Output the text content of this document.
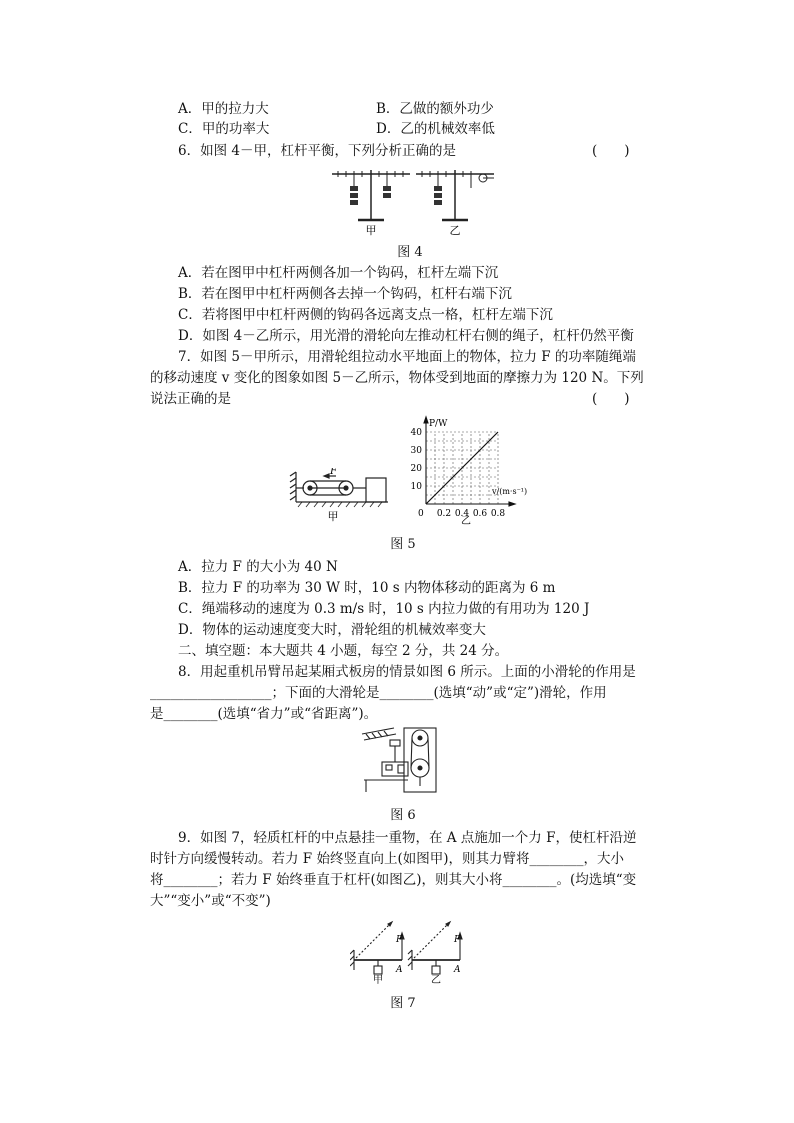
A．甲的拉力大	B．乙做的额外功少
C．甲的功率大	D．乙的机械效率低
6．如图 4－甲，杠杆平衡，下列分析正确的是	(　　)
甲	乙
图 4
A．若在图甲中杠杆两侧各加一个钩码，杠杆左端下沉
B．若在图甲中杠杆两侧各去掉一个钩码，杠杆右端下沉
C．若将图甲中杠杆两侧的钩码各远离支点一格，杠杆左端下沉
D．如图 4－乙所示，用光滑的滑轮向左推动杠杆右侧的绳子，杠杆仍然平衡
7．如图 5－甲所示，用滑轮组拉动水平地面上的物体，拉力 F 的功率随绳端
的移动速度 v 变化的图象如图 5－乙所示，物体受到地面的摩擦力为 120 N。下列
说法正确的是	(　　)
F
甲	0.2 0.4 0.6 0.8
10
20
30
40
P/W
v/(m·s⁻¹)
0
乙
图 5
A．拉力 F 的大小为 40 N
B．拉力 F 的功率为 30 W 时，10 s 内物体移动的距离为 6 m
C．绳端移动的速度为 0.3 m/s 时，10 s 内拉力做的有用功为 120 J
D．物体的运动速度变大时，滑轮组的机械效率变大
二、填空题：本大题共 4 小题，每空 2 分，共 24 分。
8．用起重机吊臂吊起某厢式板房的情景如图 6 所示。上面的小滑轮的作用是
__________________；下面的大滑轮是________(选填“动”或“定”)滑轮，作用
是________(选填“省力”或“省距离”)。
图 6
9．如图 7，轻质杠杆的中点悬挂一重物，在 A 点施加一个力 F，使杠杆沿逆
时针方向缓慢转动。若力 F 始终竖直向上(如图甲)，则其力臂将________，大小
将________；若力 F 始终垂直于杠杆(如图乙)，则其大小将________。(均选填“变
大”“变小”或“不变”)
F
A
F
A
甲	乙
图 7
